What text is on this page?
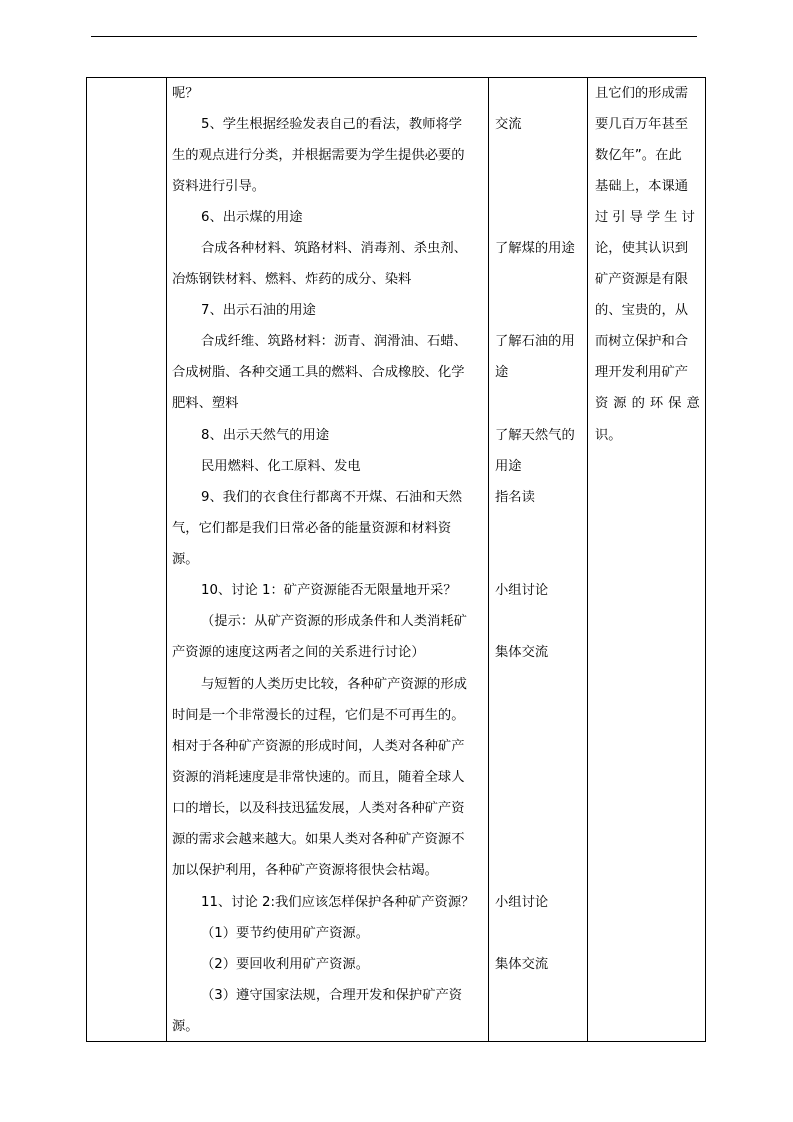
呢？
5、学生根据经验发表自己的看法，教师将学
生的观点进行分类，并根据需要为学生提供必要的
资料进行引导。
6、出示煤的用途
合成各种材料、筑路材料、消毒剂、杀虫剂、
冶炼钢铁材料、燃料、炸药的成分、染料
7、出示石油的用途
合成纤维、筑路材料：沥青、润滑油、石蜡、
合成树脂、各种交通工具的燃料、合成橡胶、化学
肥料、塑料
8、出示天然气的用途
民用燃料、化工原料、发电
9、我们的衣食住行都离不开煤、石油和天然
气，它们都是我们日常必备的能量资源和材料资
源。
10、讨论 1：矿产资源能否无限量地开采？
（提示：从矿产资源的形成条件和人类消耗矿
产资源的速度这两者之间的关系进行讨论）
与短暂的人类历史比较，各种矿产资源的形成
时间是一个非常漫长的过程，它们是不可再生的。
相对于各种矿产资源的形成时间，人类对各种矿产
资源的消耗速度是非常快速的。而且，随着全球人
口的增长，以及科技迅猛发展，人类对各种矿产资
源的需求会越来越大。如果人类对各种矿产资源不
加以保护利用，各种矿产资源将很快会枯竭。
11、讨论 2:我们应该怎样保护各种矿产资源？
（1）要节约使用矿产资源。
（2）要回收利用矿产资源。
（3）遵守国家法规，合理开发和保护矿产资
源。
交流
了解煤的用途
了解石油的用
途
了解天然气的
用途
指名读
小组讨论
集体交流
小组讨论
集体交流
且它们的形成需
要几百万年甚至
数亿年”。在此
基础上，本课通
过引导学生讨
论，使其认识到
矿产资源是有限
的、宝贵的，从
而树立保护和合
理开发利用矿产
资源的环保意
识。
